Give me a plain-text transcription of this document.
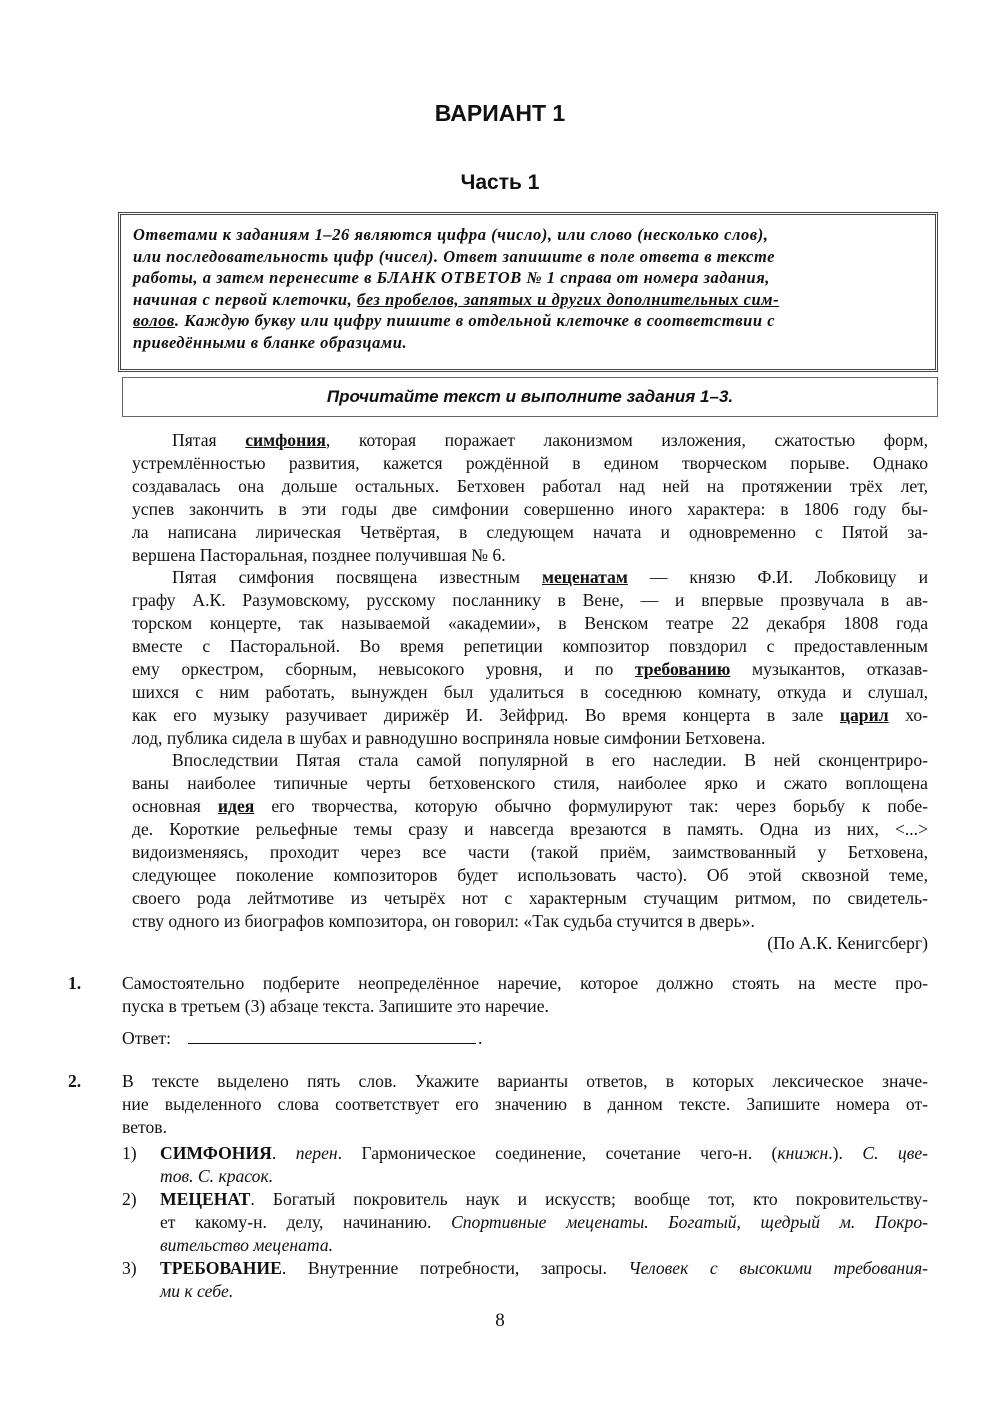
ВАРИАНТ 1
Часть 1

Ответами к заданиям 1–26 являются цифра (число), или слово (несколько слов),

или последовательность цифр (чисел). Ответ запишите в поле ответа в тексте

работы, а затем перенесите в БЛАНК ОТВЕТОВ № 1 справа от номера задания,

начиная с первой клеточки, без пробелов, запятых и других дополнительных сим-

волов. Каждую букву или цифру пишите в отдельной клеточке в соответствии с

приведёнными в бланке образцами.

Прочитайте текст и выполните задания 1–3.
Пятая симфония, которая поражает лаконизмом изложения, сжатостью форм,
устремлённостью развития, кажется рождённой в едином творческом порыве. Однако
создавалась она дольше остальных. Бетховен работал над ней на протяжении трёх лет,
успев закончить в эти годы две симфонии совершенно иного характера: в 1806 году бы-
ла написана лирическая Четвёртая, в следующем начата и одновременно с Пятой за-
вершена Пасторальная, позднее получившая № 6.
Пятая симфония посвящена известным меценатам — князю Ф.И. Лобковицу и
графу А.К. Разумовскому, русскому посланнику в Вене, — и впервые прозвучала в ав-
торском концерте, так называемой «академии», в Венском театре 22 декабря 1808 года
вместе с Пасторальной. Во время репетиции композитор повздорил с предоставленным
ему оркестром, сборным, невысокого уровня, и по требованию музыкантов, отказав-
шихся с ним работать, вынужден был удалиться в соседнюю комнату, откуда и слушал,
как его музыку разучивает дирижёр И. Зейфрид. Во время концерта в зале царил хо-
лод, публика сидела в шубах и равнодушно восприняла новые симфонии Бетховена.
Впоследствии Пятая стала самой популярной в его наследии. В ней сконцентриро-
ваны наиболее типичные черты бетховенского стиля, наиболее ярко и сжато воплощена
основная идея его творчества, которую обычно формулируют так: через борьбу к побе-
де. Короткие рельефные темы сразу и навсегда врезаются в память. Одна из них, <...>
видоизменяясь, проходит через все части (такой приём, заимствованный у Бетховена,
следующее поколение композиторов будет использовать часто). Об этой сквозной теме,
своего рода лейтмотиве из четырёх нот с характерным стучащим ритмом, по свидетель-
ству одного из биографов композитора, он говорил: «Так судьба стучится в дверь».
(По А.К. Кенигсберг)
1. Самостоятельно подберите неопределённое наречие, которое должно стоять на месте про-
пуска в третьем (3) абзаце текста. Запишите это наречие.
Ответ:	.
2. В тексте выделено пять слов. Укажите варианты ответов, в которых лексическое значе-
ние выделенного слова соответствует его значению в данном тексте. Запишите номера от-
ветов.
1) СИМФОНИЯ. перен. Гармоническое соединение, сочетание чего-н. (книжн.). С. цве-
тов. С. красок.
2) МЕЦЕНАТ. Богатый покровитель наук и искусств; вообще тот, кто покровительству-
ет какому-н. делу, начинанию. Спортивные меценаты. Богатый, щедрый м. Покро-
вительство мецената.
3) ТРЕБОВАНИЕ. Внутренние потребности, запросы. Человек с высокими требования-
ми к себе.
8
